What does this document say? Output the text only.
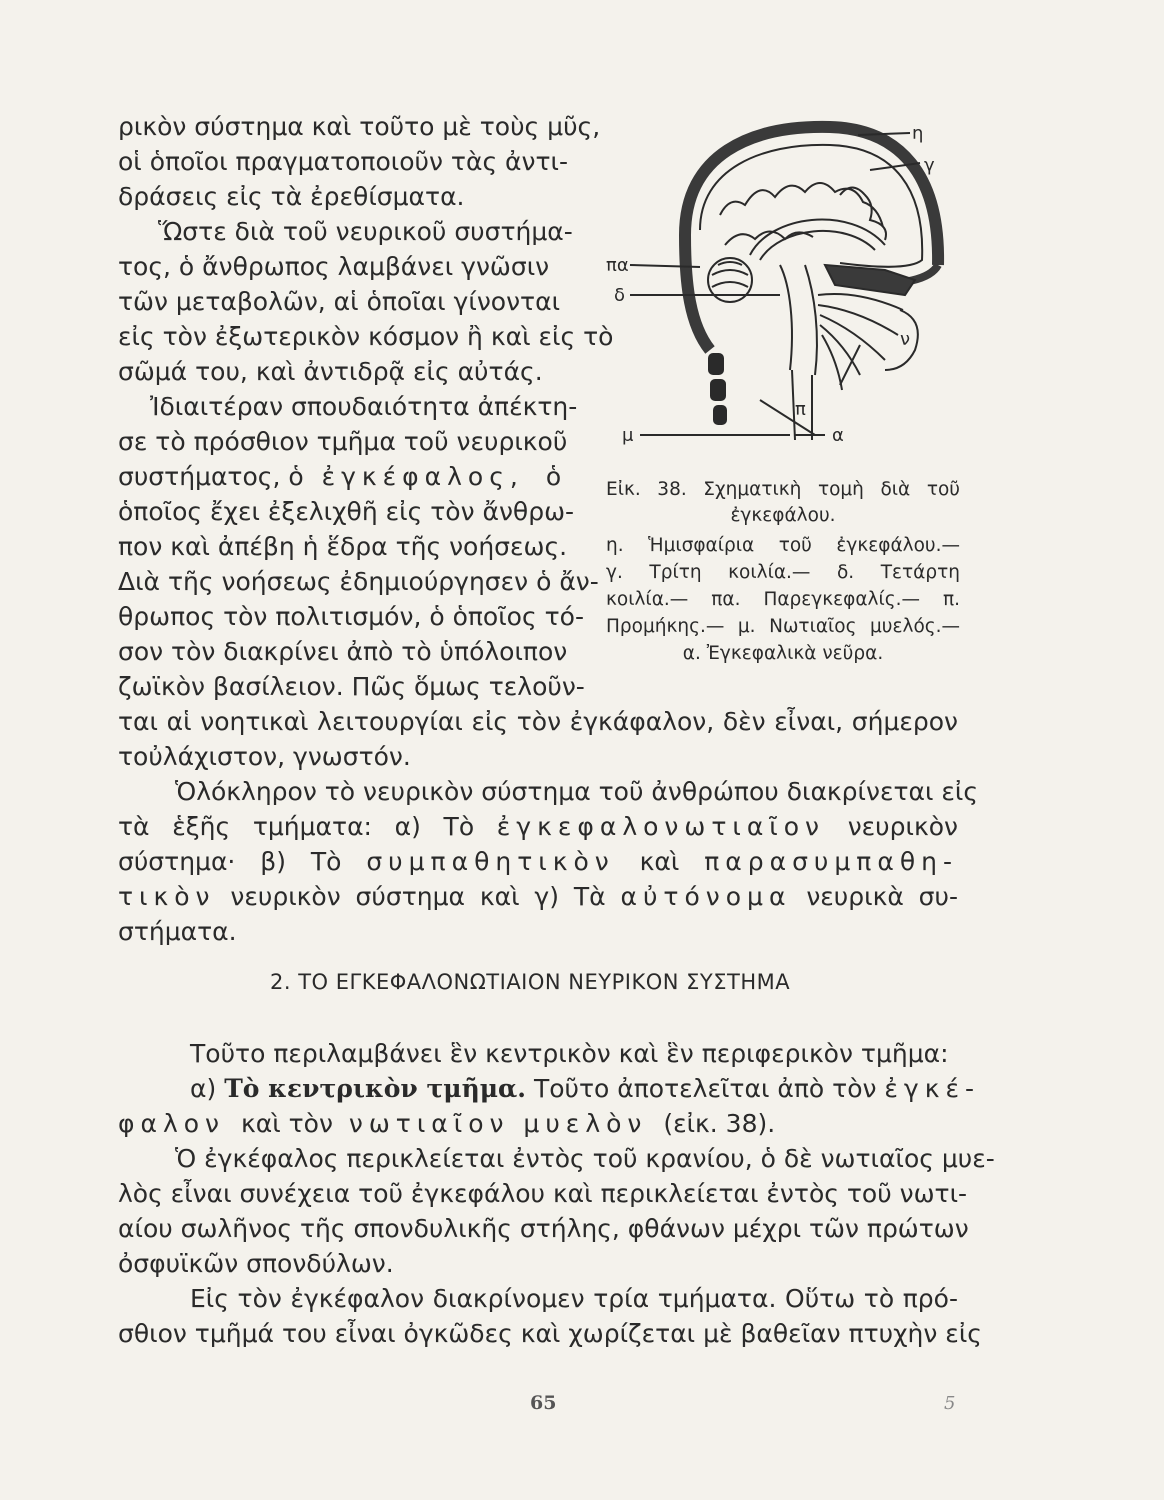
ρικὸν σύστημα καὶ τοῦτο μὲ τοὺς μῦς,

οἱ ὁποῖοι πραγματοποιοῦν τὰς ἀντι-

δράσεις εἰς τὰ ἐρεθίσματα.

Ὥστε διὰ τοῦ νευρικοῦ συστήμα-

τος, ὁ ἄνθρωπος λαμβάνει γνῶσιν

τῶν μεταβολῶν, αἱ ὁποῖαι γίνονται

εἰς τὸν ἐξωτερικὸν κόσμον ἢ καὶ εἰς τὸ

σῶμά του, καὶ ἀντιδρᾷ εἰς αὐτάς.

Ἰδιαιτέραν σπουδαιότητα ἀπέκτη-

σε τὸ πρόσθιον τμῆμα τοῦ νευρικοῦ

συστήματος, ὁ ἐγκέφαλος, ὁ

ὁποῖος ἔχει ἐξελιχθῆ εἰς τὸν ἄνθρω-

πον καὶ ἀπέβη ἡ ἕδρα τῆς νοήσεως.

Διὰ τῆς νοήσεως ἐδημιούργησεν ὁ ἄν-

θρωπος τὸν πολιτισμόν, ὁ ὁποῖος τό-

σον τὸν διακρίνει ἀπὸ τὸ ὑπόλοιπον

ζωϊκὸν βασίλειον. Πῶς ὅμως τελοῦν-

η
γ
πα
δ
ν
π
μ	α
Εἰκ. 38. Σχηματικὴ τομὴ διὰ τοῦ
ἐγκεφάλου.
η. Ἡμισφαίρια τοῦ ἐγκεφάλου.—
γ. Τρίτη κοιλία.— δ. Τετάρτη
κοιλία.— πα. Παρεγκεφαλίς.— π.
Προμήκης.— μ. Νωτιαῖος μυελός.—
α. Ἐγκεφαλικὰ νεῦρα.

ται αἱ νοητικαὶ λειτουργίαι εἰς τὸν ἐγκάφαλον, δὲν εἶναι, σήμερον

τοὐλάχιστον, γνωστόν.

Ὁλόκληρον τὸ νευρικὸν σύστημα τοῦ ἀνθρώπου διακρίνεται εἰς

τὰ ἑξῆς τμήματα: α) Τὸ ἐγκεφαλονωτιαῖον νευρικὸν

σύστημα· β) Τὸ συμπαθητικὸν καὶ παρασυμπαθη-

τικὸν νευρικὸν σύστημα καὶ γ) Τὰ αὐτόνομα νευρικὰ συ-

στήματα.

2. ΤΟ ΕΓΚΕΦΑΛΟΝΩΤΙΑΙΟΝ ΝΕΥΡΙΚΟΝ ΣΥΣΤΗΜΑ

Τοῦτο περιλαμβάνει ἓν κεντρικὸν καὶ ἓν περιφερικὸν τμῆμα:

α) Τὸ κεντρικὸν τμῆμα. Τοῦτο ἀποτελεῖται ἀπὸ τὸν ἐγκέ-

φαλον καὶ τὸν νωτιαῖον μυελὸν (εἰκ. 38).

Ὁ ἐγκέφαλος περικλείεται ἐντὸς τοῦ κρανίου, ὁ δὲ νωτιαῖος μυε-

λὸς εἶναι συνέχεια τοῦ ἐγκεφάλου καὶ περικλείεται ἐντὸς τοῦ νωτι-

αίου σωλῆνος τῆς σπονδυλικῆς στήλης, φθάνων μέχρι τῶν πρώτων

ὀσφυϊκῶν σπονδύλων.

Εἰς τὸν ἐγκέφαλον διακρίνομεν τρία τμήματα. Οὕτω τὸ πρό-

σθιον τμῆμά του εἶναι ὀγκῶδες καὶ χωρίζεται μὲ βαθεῖαν πτυχὴν εἰς

65	5
